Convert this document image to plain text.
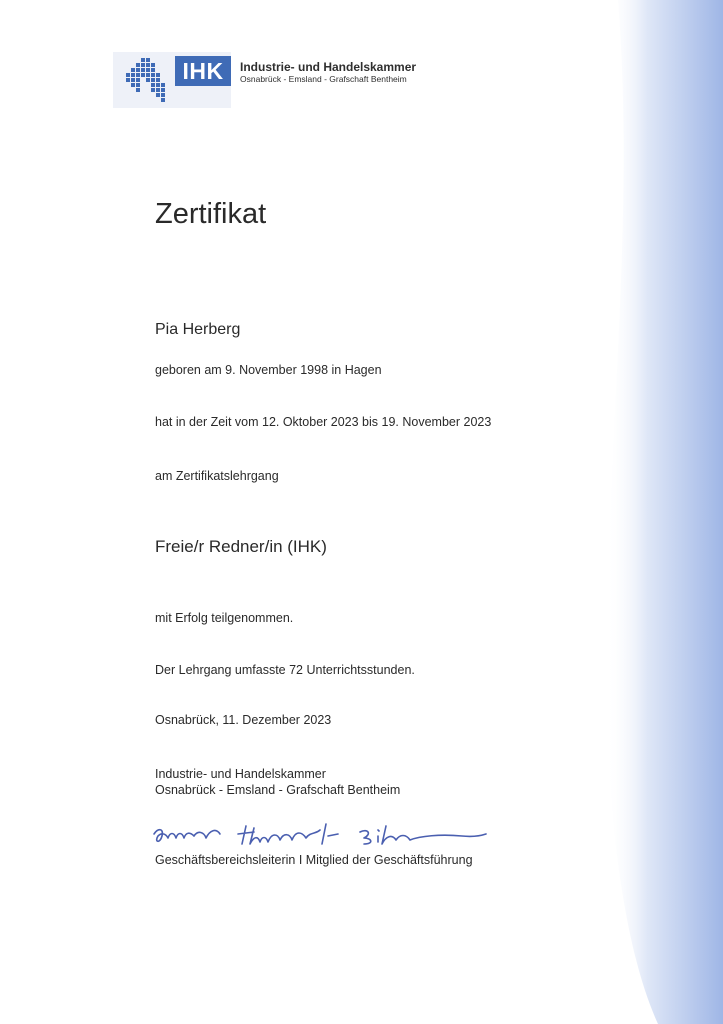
IHK	Industrie- und Handelskammer
Osnabrück - Emsland - Grafschaft Bentheim
Zertifikat
Pia Herberg
geboren am 9. November 1998 in Hagen
hat in der Zeit vom 12. Oktober 2023 bis 19. November 2023
am Zertifikatslehrgang
Freie/r Redner/in (IHK)
mit Erfolg teilgenommen.
Der Lehrgang umfasste 72 Unterrichtsstunden.
Osnabrück, 11. Dezember 2023
Industrie- und Handelskammer
Osnabrück - Emsland - Grafschaft Bentheim
Geschäftsbereichsleiterin I Mitglied der Geschäftsführung
